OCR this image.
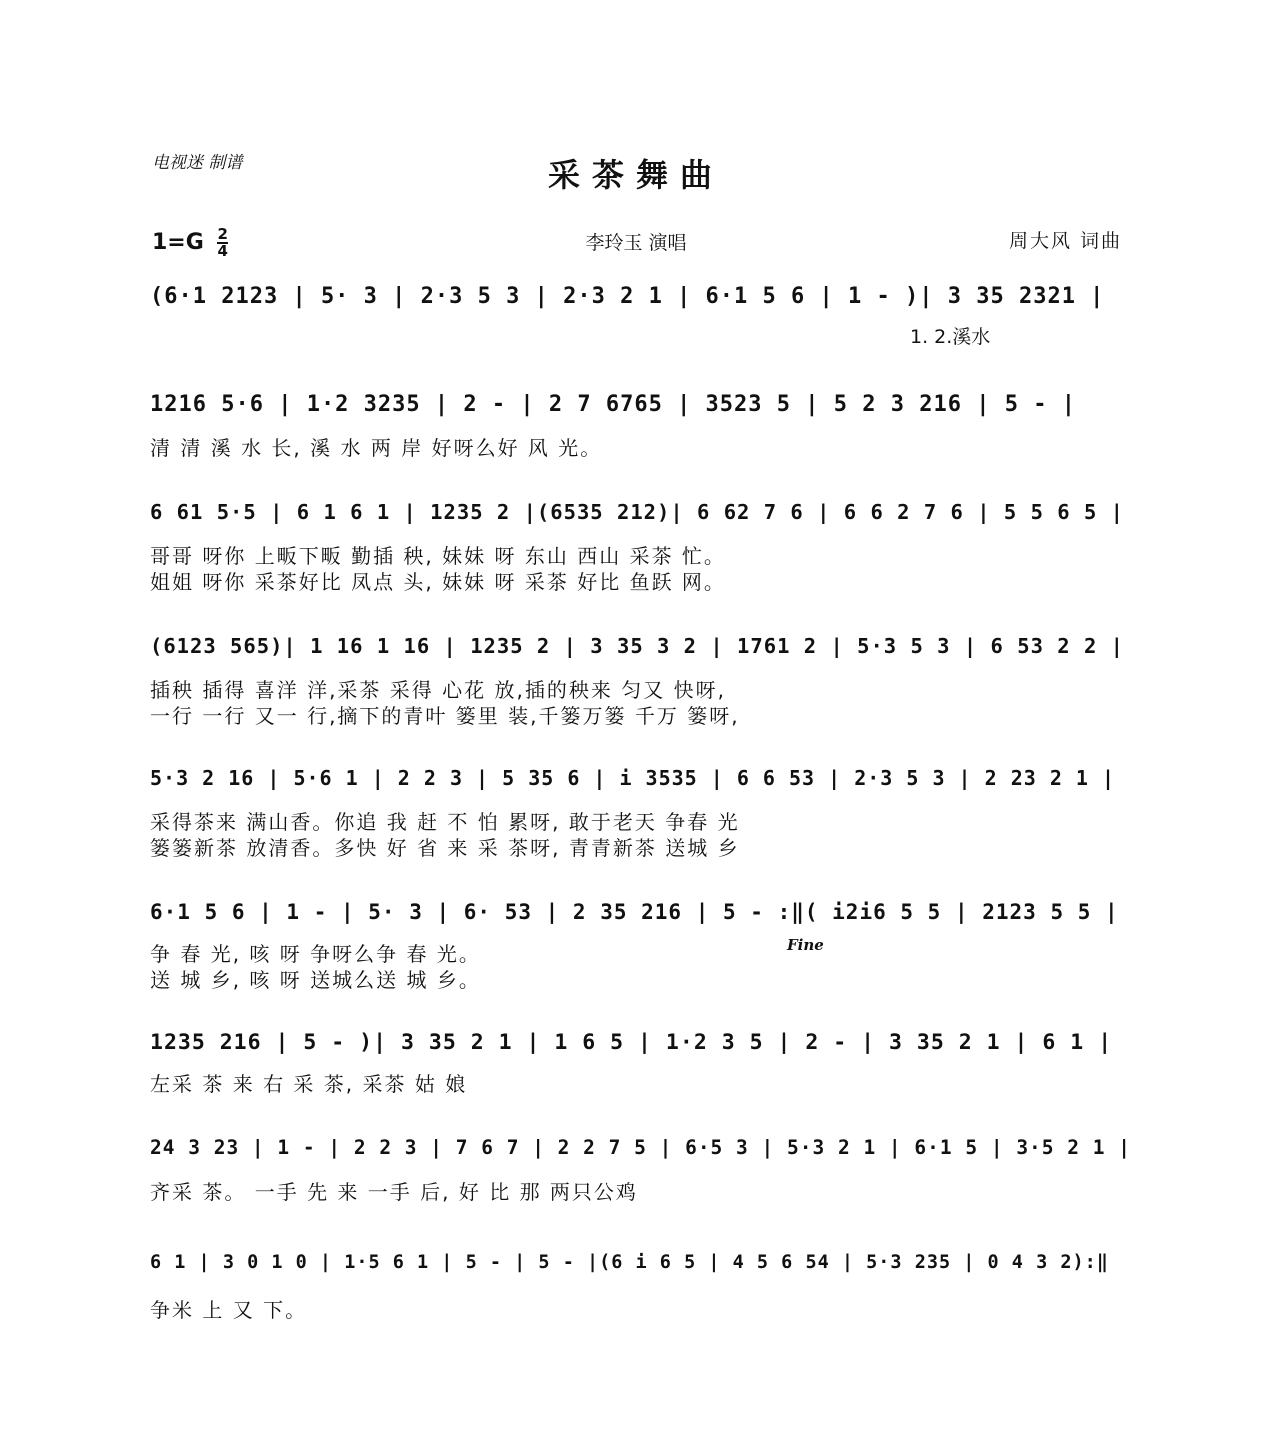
电视迷 制谱	采茶舞曲
$1=G \frac{2}{4}$	李玲玉 演唱	周大风 词曲
(6·1 2123 | 5· 3 | 2·3 5 3 | 2·3 2 1 | 6·1 5 6 | 1 - )| 3 35 2321 |
1. 2.溪水
1216 5·6 | 1·2 3235 | 2 - | 2 7 6765 | 3523 5 | 5 2 3 216 | 5 - |
清 清 溪 水 长, 溪 水 两 岸 好呀么好 风 光。
6 61 5·5 | 6 1 6 1 | 1235 2 |(6535 212)| 6 62 7 6 | 6 6 2 7 6 | 5 5 6 5 |
哥哥 呀你 上畈下畈 勤插 秧, 妹妹 呀 东山 西山 采茶 忙。
姐姐 呀你 采茶好比 凤点 头, 妹妹 呀 采茶 好比 鱼跃 网。
(6123 565)| 1 16 1 16 | 1235 2 | 3 35 3 2 | 1761 2 | 5·3 5 3 | 6 53 2 2 |
插秧 插得 喜洋 洋,采茶 采得 心花 放,插的秧来 匀又 快呀,
一行 一行 又一 行,摘下的青叶 篓里 装,千篓万篓 千万 篓呀,
5·3 2 16 | 5·6 1 | 2 2 3 | 5 35 6 | i 3535 | 6 6 53 | 2·3 5 3 | 2 23 2 1 |
采得茶来 满山香。你追 我 赶 不 怕 累呀, 敢于老天 争春 光
篓篓新茶 放清香。多快 好 省 来 采 茶呀, 青青新茶 送城 乡
6·1 5 6 | 1 - | 5· 3 | 6· 53 | 2 35 216 | 5 - :‖( i2i6 5 5 | 2123 5 5 |
争 春 光, 咳 呀 争呀么争 春 光。
送 城 乡, 咳 呀 送城么送 城 乡。
Fine
1235 216 | 5 - )| 3 35 2 1 | 1 6 5 | 1·2 3 5 | 2 - | 3 35 2 1 | 6 1 |
左采 茶 来 右 采 茶, 采茶 姑 娘
24 3 23 | 1 - | 2 2 3 | 7 6 7 | 2 2 7 5 | 6·5 3 | 5·3 2 1 | 6·1 5 | 3·5 2 1 |
齐采 茶。 一手 先 来 一手 后, 好 比 那 两只公鸡
6 1 | 3 0 1 0 | 1·5 6 1 | 5 - | 5 - |(6 i 6 5 | 4 5 6 54 | 5·3 235 | 0 4 3 2):‖
争米 上 又 下。
